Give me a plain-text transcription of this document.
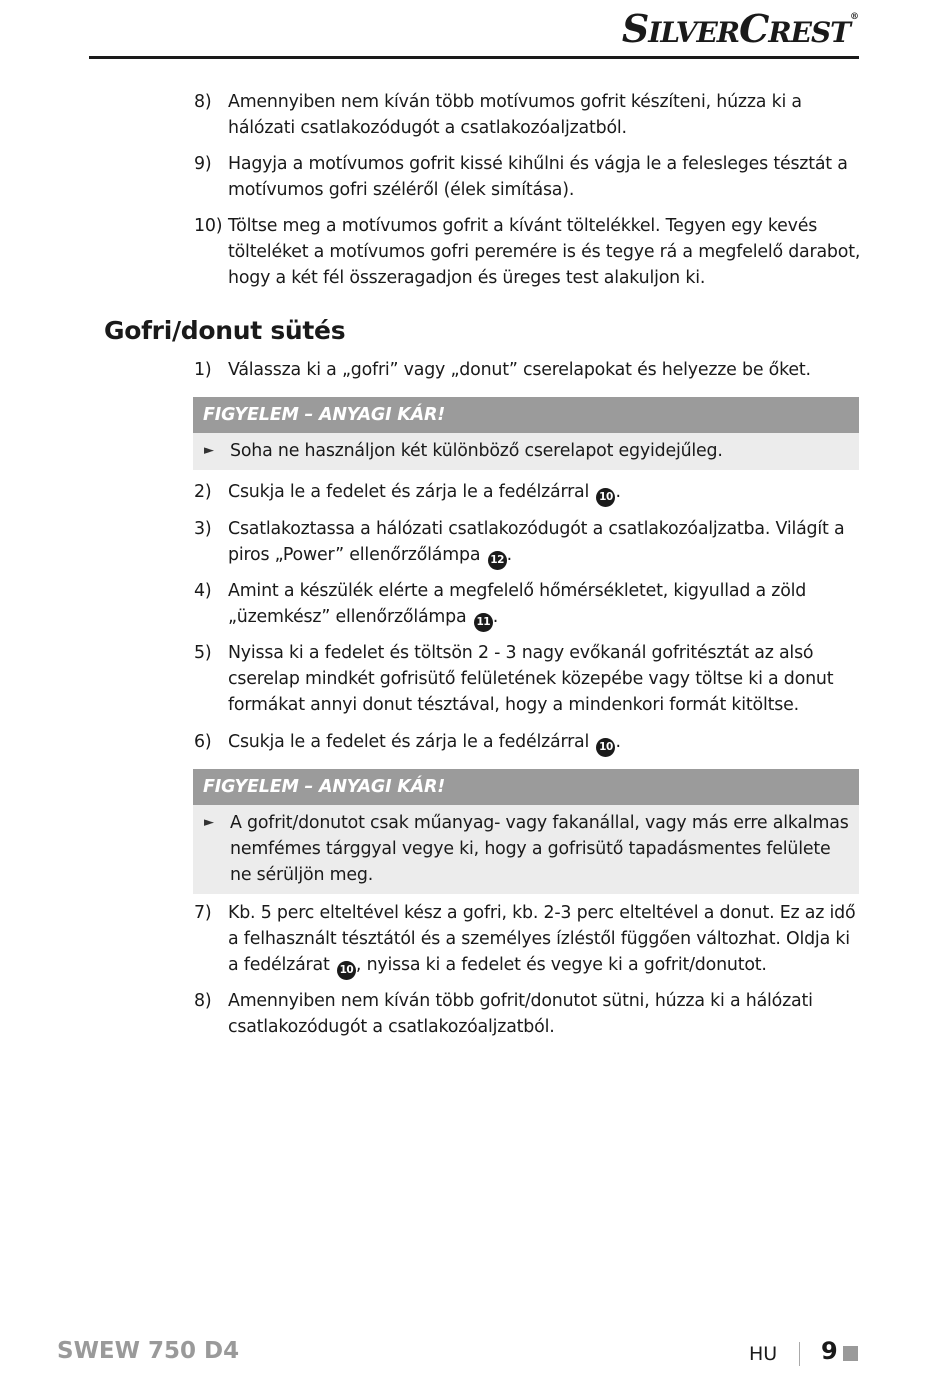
SILVERCREST®
8) Amennyiben nem kíván több motívumos gofrit készíteni, húzza ki a hálózati csatlakozódugót a csatlakozóaljzatból.
9) Hagyja a motívumos gofrit kissé kihűlni és vágja le a felesleges tésztát a motívumos gofri széléről (élek simítása).
10) Töltse meg a motívumos gofrit a kívánt töltelékkel. Tegyen egy kevés tölteléket a motívumos gofri peremére is és tegye rá a megfelelő darabot, hogy a két fél összeragadjon és üreges test alakuljon ki.
Gofri/donut sütés
1) Válassza ki a „gofri” vagy „donut” cserelapokat és helyezze be őket.
FIGYELEM – ANYAGI KÁR!
► Soha ne használjon két különböző cserelapot egyidejűleg.
2) Csukja le a fedelet és zárja le a fedélzárral 10 .
3) Csatlakoztassa a hálózati csatlakozódugót a csatlakozóaljzatba. Világít a piros „Power” ellenőrzőlámpa 12 .
4) Amint a készülék elérte a megfelelő hőmérsékletet, kigyullad a zöld „üzemkész” ellenőrzőlámpa 11 .
5) Nyissa ki a fedelet és töltsön 2 - 3 nagy evőkanál gofritésztát az alsó cserelap mindkét gofrisütő felületének közepébe vagy töltse ki a donut formákat annyi donut tésztával, hogy a mindenkori formát kitöltse.
6) Csukja le a fedelet és zárja le a fedélzárral 10 .
FIGYELEM – ANYAGI KÁR!
► A gofrit/donutot csak műanyag- vagy fakanállal, vagy más erre alkalmas nemfémes tárggyal vegye ki, hogy a gofrisütő tapadásmentes felülete ne sérüljön meg.
7) Kb. 5 perc elteltével kész a gofri, kb. 2-3 perc elteltével a donut. Ez az idő a felhasznált tésztától és a személyes ízléstől függően változhat. Oldja ki a fedélzárat 10 , nyissa ki a fedelet és vegye ki a gofrit/donutot.
8) Amennyiben nem kíván több gofrit/donutot sütni, húzza ki a hálózati csatlakozódugót a csatlakozóaljzatból.
SWEW 750 D4	HU 9
